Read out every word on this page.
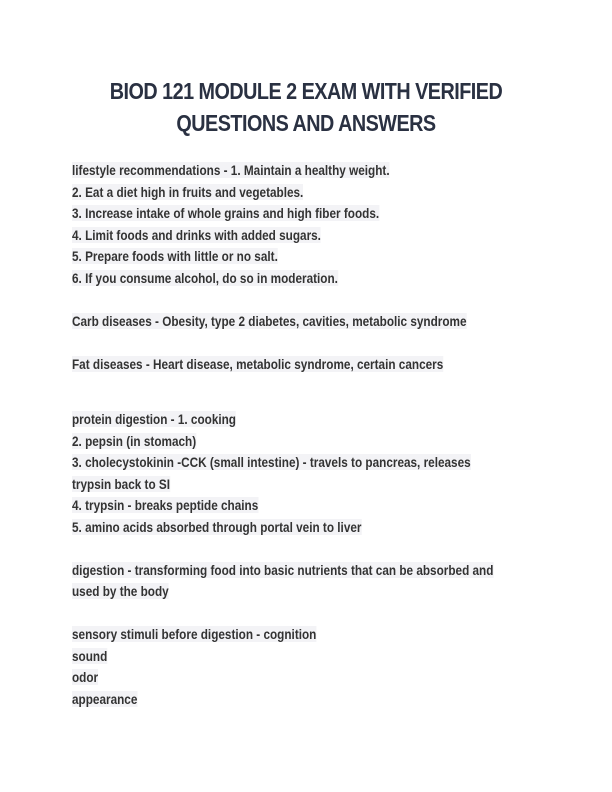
BIOD 121 MODULE 2 EXAM WITH VERIFIED
QUESTIONS AND ANSWERS
lifestyle recommendations - 1. Maintain a healthy weight.
2. Eat a diet high in fruits and vegetables.
3. Increase intake of whole grains and high fiber foods.
4. Limit foods and drinks with added sugars.
5. Prepare foods with little or no salt.
6. If you consume alcohol, do so in moderation.
Carb diseases - Obesity, type 2 diabetes, cavities, metabolic syndrome
Fat diseases - Heart disease, metabolic syndrome, certain cancers
protein digestion - 1. cooking
2. pepsin (in stomach)
3. cholecystokinin -CCK (small intestine) - travels to pancreas, releases
trypsin back to SI
4. trypsin - breaks peptide chains
5. amino acids absorbed through portal vein to liver
digestion - transforming food into basic nutrients that can be absorbed and
used by the body
sensory stimuli before digestion - cognition
sound
odor
appearance
